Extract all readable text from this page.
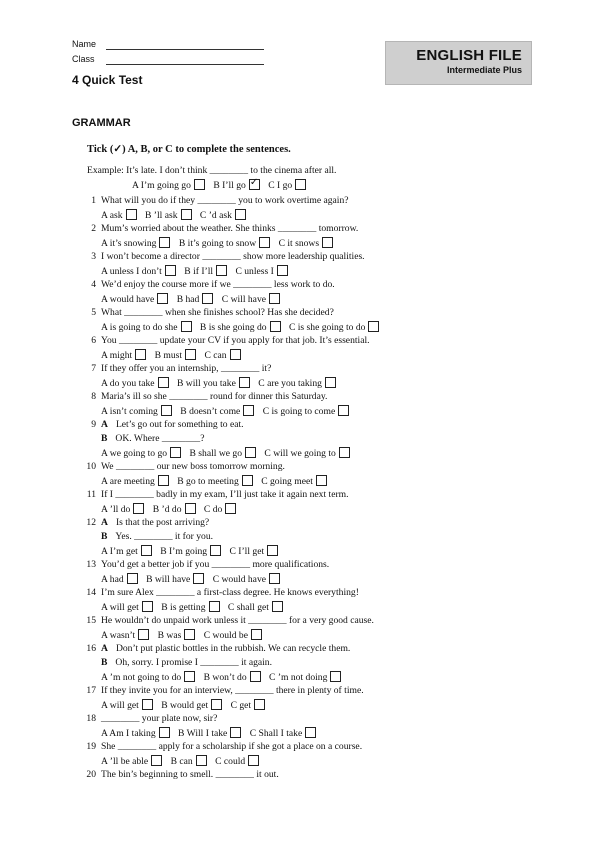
Name
Class
4 Quick Test
ENGLISH FILE
Intermediate Plus
GRAMMAR
Tick (✓) A, B, or C to complete the sentences.
Example: It’s late. I don’t think ________ to the cinema after all.
A I’m going go B I’ll go ✓ C I go
1 What will you do if they ________ you to work overtime again?
A ask B ’ll ask C ’d ask
2 Mum’s worried about the weather. She thinks ________ tomorrow.
A it’s snowing B it’s going to snow C it snows
3 I won’t become a director ________ show more leadership qualities.
A unless I don’t B if I’ll C unless I
4 We’d enjoy the course more if we ________ less work to do.
A would have B had C will have
5 What ________ when she finishes school? Has she decided?
A is going to do she B is she going do C is she going to do
6 You ________ update your CV if you apply for that job. It’s essential.
A might B must C can
7 If they offer you an internship, ________ it?
A do you take B will you take C are you taking
8 Maria’s ill so she ________ round for dinner this Saturday.
A isn’t coming B doesn’t come C is going to come
9 A Let’s go out for something to eat.
B OK. Where ________?
A we going to go B shall we go C will we going to
10 We ________ our new boss tomorrow morning.
A are meeting B go to meeting C going meet
11 If I ________ badly in my exam, I’ll just take it again next term.
A ’ll do B ’d do C do
12 A Is that the post arriving?
B Yes. ________ it for you.
A I’m get B I’m going C I’ll get
13 You’d get a better job if you ________ more qualifications.
A had B will have C would have
14 I’m sure Alex ________ a first-class degree. He knows everything!
A will get B is getting C shall get
15 He wouldn’t do unpaid work unless it ________ for a very good cause.
A wasn’t B was C would be
16 A Don’t put plastic bottles in the rubbish. We can recycle them.
B Oh, sorry. I promise I ________ it again.
A ’m not going to do B won’t do C ’m not doing
17 If they invite you for an interview, ________ there in plenty of time.
A will get B would get C get
18 ________ your plate now, sir?
A Am I taking B Will I take C Shall I take
19 She ________ apply for a scholarship if she got a place on a course.
A ’ll be able B can C could
20 The bin’s beginning to smell. ________ it out.
